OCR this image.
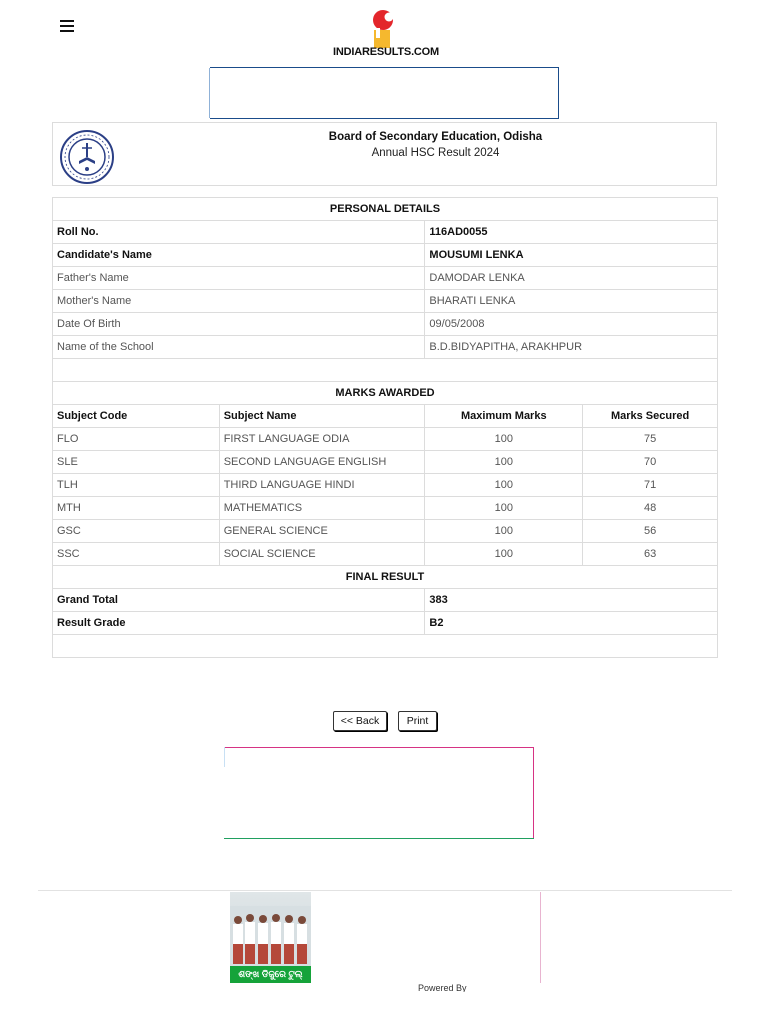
INDIARESULTS.COM
Board of Secondary Education, Odisha
Annual HSC Result 2024
PERSONAL DETAILS			
Roll No.		116AD0055	
Candidate's Name		MOUSUMI LENKA	
Father's Name		DAMODAR LENKA	
Mother's Name		BHARATI LENKA	
Date Of Birth		09/05/2008	
Name of the School		B.D.BIDYAPITHA, ARAKHPUR	

MARKS AWARDED			
Subject Code	Subject Name	Maximum Marks	Marks Secured
FLO	FIRST LANGUAGE ODIA	100	75
SLE	SECOND LANGUAGE ENGLISH	100	70
TLH	THIRD LANGUAGE HINDI	100	71
MTH	MATHEMATICS	100	48
GSC	GENERAL SCIENCE	100	56
SSC	SOCIAL SCIENCE	100	63
FINAL RESULT			
Grand Total		383	
Result Grade		B2	

<< Back	Print
ଶଙ୍ଖ ଡିଜୁରେ ଟୁଲ୍
Powered By
